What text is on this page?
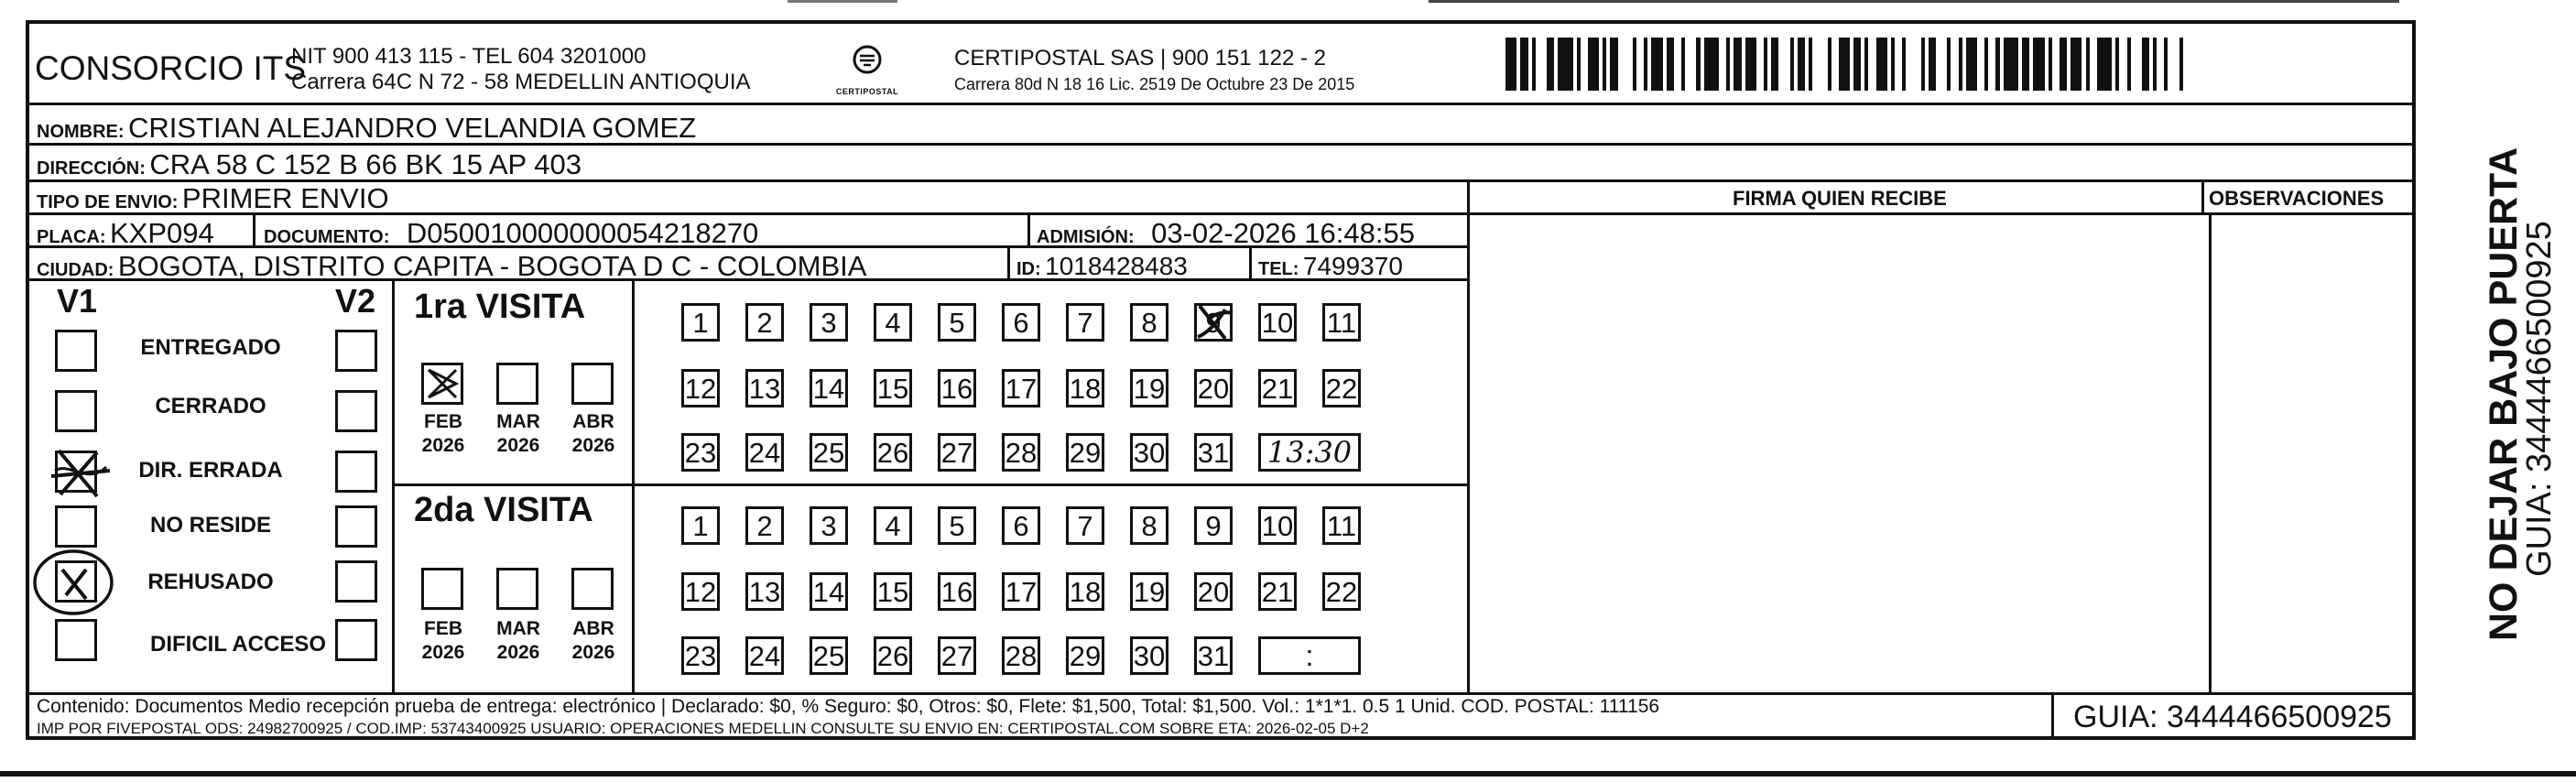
CONSORCIO ITS
NIT 900 413 115 - TEL 604 3201000
Carrera 64C N 72 - 58 MEDELLIN ANTIOQUIA	CERTIPOSTAL
CERTIPOSTAL SAS | 900 151 122 - 2
Carrera 80d N 18 16 Lic. 2519 De Octubre 23 De 2015
NOMBRE: CRISTIAN ALEJANDRO VELANDIA GOMEZ
DIRECCIÓN: CRA 58 C 152 B 66 BK 15 AP 403
TIPO DE ENVIO: PRIMER ENVIO	FIRMA QUIEN RECIBE	OBSERVACIONES
PLACA: KXP094	DOCUMENTO: D050010000000054218270	ADMISIÓN: 03-02-2026 16:48:55
CIUDAD: BOGOTA, DISTRITO CAPITA - BOGOTA D C - COLOMBIA	ID: 1018428483	TEL: 7499370
V1	V2
ENTREGADO
CERRADO
DIR. ERRADA
NO RESIDE
REHUSADO
DIFICIL ACCESO
1ra VISITA
2da VISITA
Contenido: Documentos Medio recepción prueba de entrega: electrónico | Declarado: $0, % Seguro: $0, Otros: $0, Flete: $1,500, Total: $1,500. Vol.: 1*1*1. 0.5 1 Unid. COD. POSTAL: 111156
IMP POR FIVEPOSTAL ODS: 24982700925 / COD.IMP: 53743400925 USUARIO: OPERACIONES MEDELLIN CONSULTE SU ENVIO EN: CERTIPOSTAL.COM SOBRE ETA: 2026-02-05 D+2	GUIA: 3444466500925
FEB
2026
MAR
2026
ABR
2026
FEB
2026
MAR
2026
ABR
2026
1	2	3	4	5	6	7	8	9	10 11
12 13 14 15 16 17 18 19 20 21 22
23 24 25 26 27 28 29 30 31	13:30
1	2	3	4	5	6	7	8	9	10 11
12 13 14 15 16 17 18 19 20 21 22
23 24 25 26 27 28 29 30 31	:
NO DEJAR BAJO PUERTA
GUIA: 3444466500925
